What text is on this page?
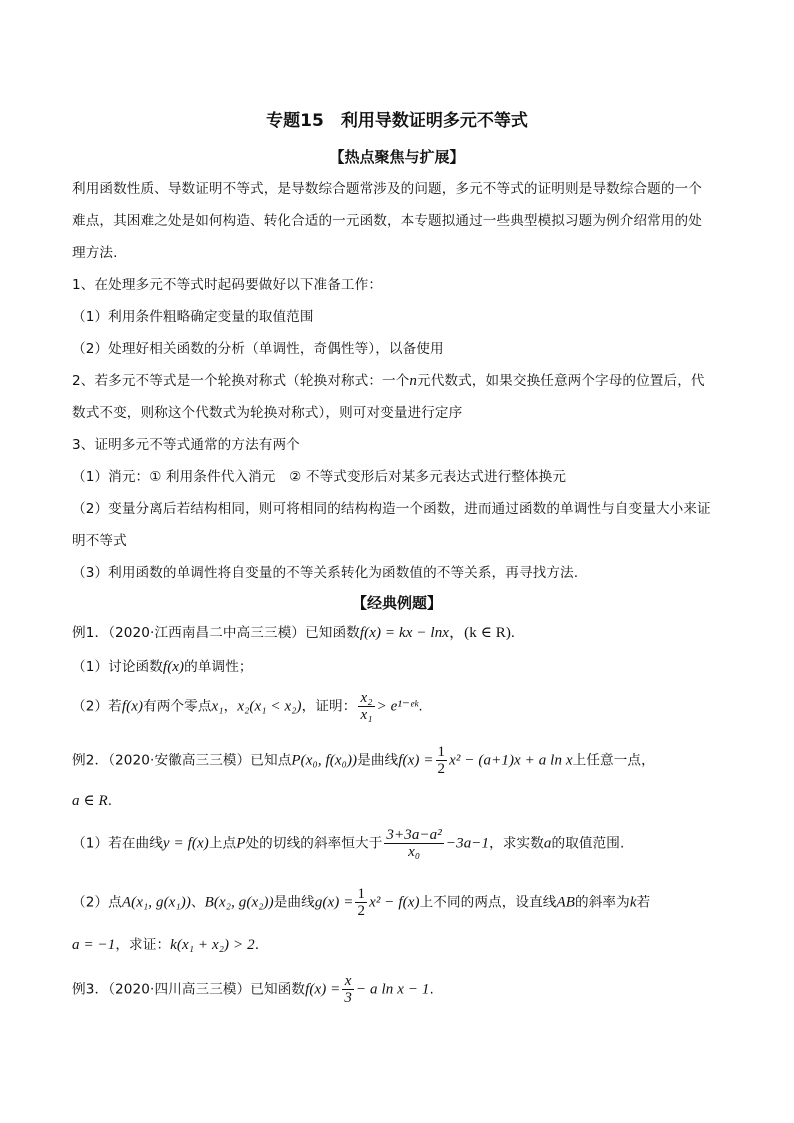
专题15　利用导数证明多元不等式
【热点聚焦与扩展】
利用函数性质、导数证明不等式，是导数综合题常涉及的问题，多元不等式的证明则是导数综合题的一个
难点，其困难之处是如何构造、转化合适的一元函数，本专题拟通过一些典型模拟习题为例介绍常用的处
理方法.
1、在处理多元不等式时起码要做好以下准备工作：
（1）利用条件粗略确定变量的取值范围
（2）处理好相关函数的分析（单调性，奇偶性等），以备使用
2、若多元不等式是一个轮换对称式（轮换对称式：一个n元代数式，如果交换任意两个字母的位置后，代
数式不变，则称这个代数式为轮换对称式），则可对变量进行定序
3、证明多元不等式通常的方法有两个
（1）消元：① 利用条件代入消元　② 不等式变形后对某多元表达式进行整体换元
（2）变量分离后若结构相同，则可将相同的结构构造一个函数，进而通过函数的单调性与自变量大小来证
明不等式
（3）利用函数的单调性将自变量的不等关系转化为函数值的不等关系，再寻找方法.
【经典例题】
例1．（2020·江西南昌二中高三三模）已知函数f(x) = kx − lnx，(k ∈ R).
（1）讨论函数f(x)的单调性；
（2）若f(x)有两个零点x₁，x₂(x₁ < x₂)，证明： $\frac{\text{x₂}}{\text{x₁}}$ > e¹⁻ᵉᵏ.
例2．（2020·安徽高三三模）已知点P(x₀, f(x₀))是曲线$f(x) = \frac{1}{2} x^2 - (a+1)x + a$ ln x上任意一点，
a ∈ R.
（1）若在曲线y = f(x)上点P处的切线的斜率恒大于 $\frac{\text{3+3a−a²}}{\text{x₀}} -3a-1$，求实数a的取值范围.
（2）点A(x₁, g(x₁))、B(x₂, g(x₂))是曲线$g(x) = \frac{1}{2} x^2 - f(x)$上不同的两点，设直线AB的斜率为k若
a = −1，求证：k(x₁ + x₂) > 2.
例3．（2020·四川高三三模）已知函数$f(x) = \frac{x}{3} - a$ ln x − 1.
